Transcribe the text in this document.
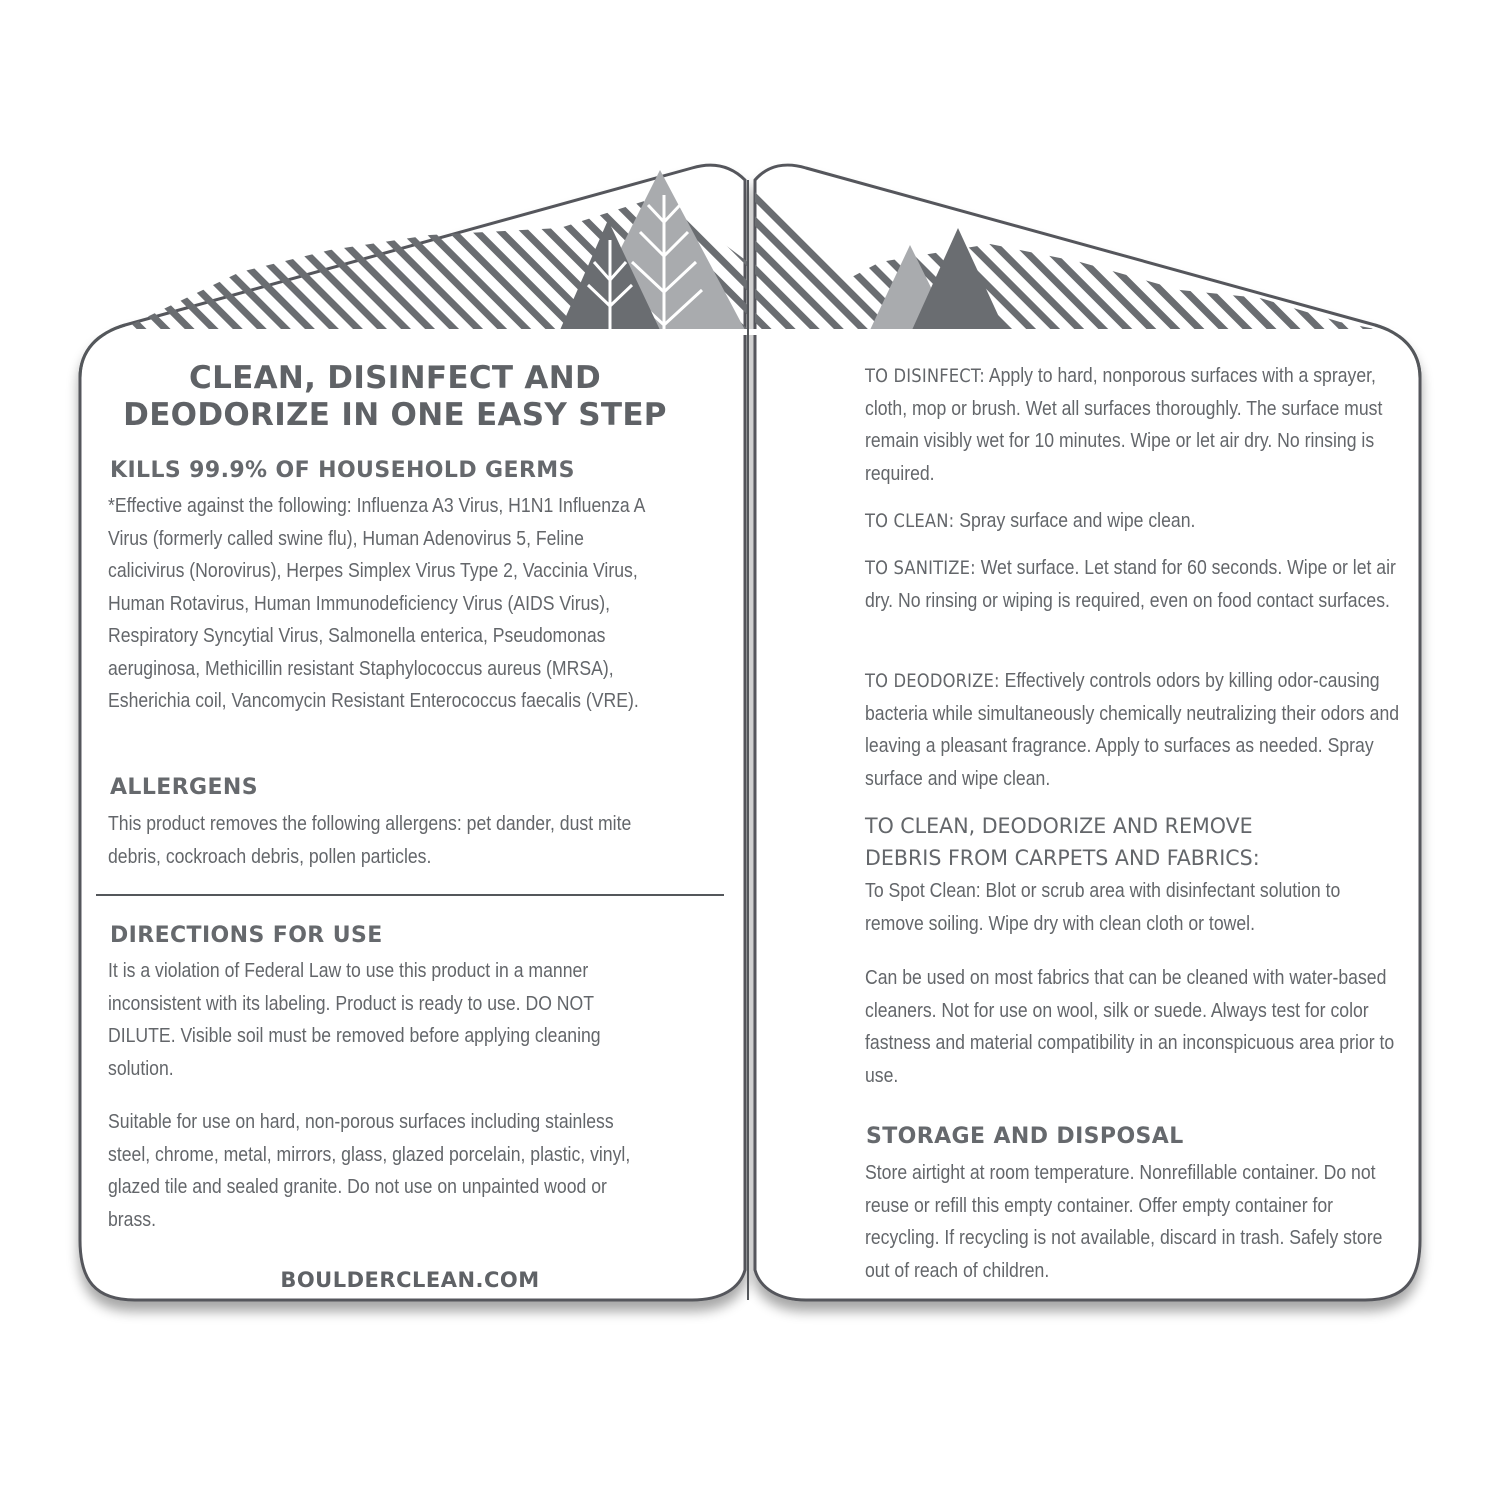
CLEAN, DISINFECT AND
DEODORIZE IN ONE EASY STEP
KILLS 99.9% OF HOUSEHOLD GERMS
*Effective against the following: Influenza A3 Virus, H1N1 Influenza A Virus (formerly called swine flu), Human Adenovirus 5, Feline calicivirus (Norovirus), Herpes Simplex Virus Type 2, Vaccinia Virus, Human Rotavirus, Human Immunodeficiency Virus (AIDS Virus), Respiratory Syncytial Virus, Salmonella enterica, Pseudomonas aeruginosa, Methicillin resistant Staphylococcus aureus (MRSA), Esherichia coil, Vancomycin Resistant Enterococcus faecalis (VRE).
ALLERGENS
This product removes the following allergens: pet dander, dust mite debris, cockroach debris, pollen particles.
DIRECTIONS FOR USE
It is a violation of Federal Law to use this product in a manner inconsistent with its labeling. Product is ready to use. DO NOT DILUTE. Visible soil must be removed before applying cleaning solution.
Suitable for use on hard, non-porous surfaces including stainless steel, chrome, metal, mirrors, glass, glazed porcelain, plastic, vinyl, glazed tile and sealed granite. Do not use on unpainted wood or brass.
BOULDERCLEAN.COM
TO DISINFECT: Apply to hard, nonporous surfaces with a sprayer, cloth, mop or brush. Wet all surfaces thoroughly. The surface must remain visibly wet for 10 minutes. Wipe or let air dry. No rinsing is required.
TO CLEAN: Spray surface and wipe clean.
TO SANITIZE: Wet surface. Let stand for 60 seconds. Wipe or let air dry. No rinsing or wiping is required, even on food contact surfaces.
TO DEODORIZE: Effectively controls odors by killing odor-causing bacteria while simultaneously chemically neutralizing their odors and leaving a pleasant fragrance. Apply to surfaces as needed. Spray surface and wipe clean.
TO CLEAN, DEODORIZE AND REMOVE
DEBRIS FROM CARPETS AND FABRICS:
To Spot Clean: Blot or scrub area with disinfectant solution to remove soiling. Wipe dry with clean cloth or towel.
Can be used on most fabrics that can be cleaned with water-based cleaners. Not for use on wool, silk or suede. Always test for color fastness and material compatibility in an inconspicuous area prior to use.
STORAGE AND DISPOSAL
Store airtight at room temperature. Nonrefillable container. Do not reuse or refill this empty container. Offer empty container for recycling. If recycling is not available, discard in trash. Safely store out of reach of children.
